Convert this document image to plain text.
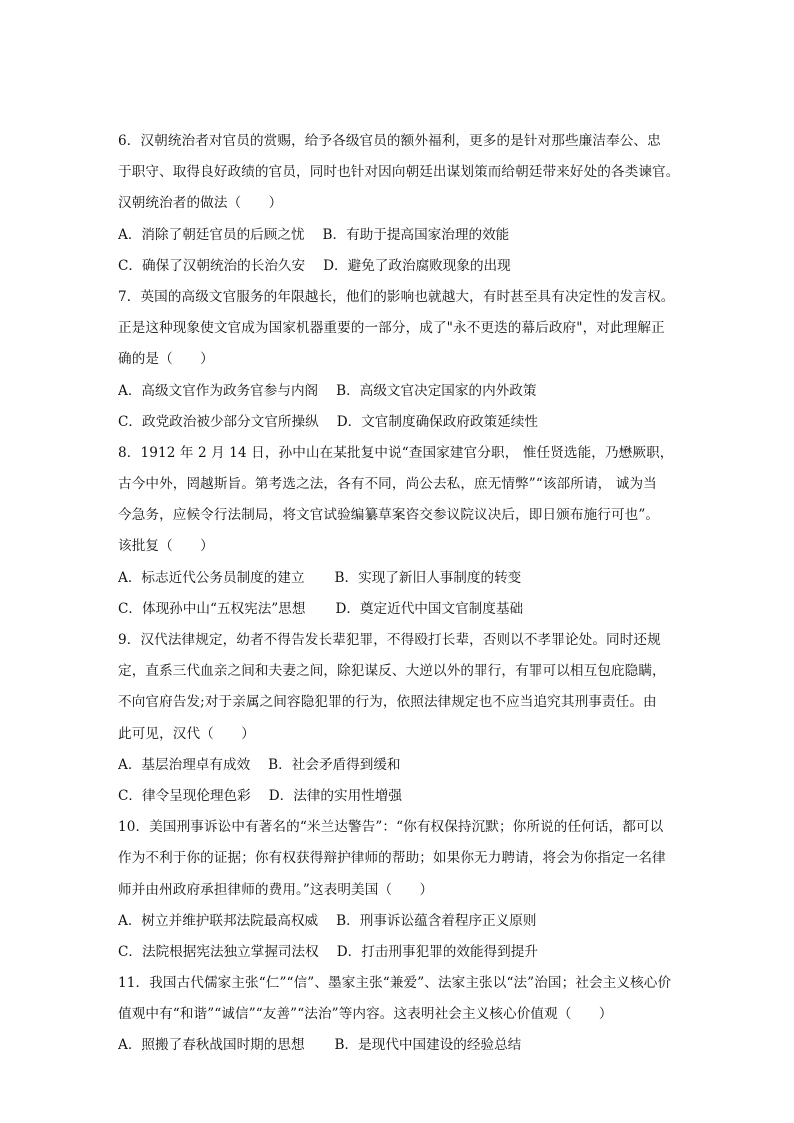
6．汉朝统治者对官员的赏赐，给予各级官员的额外福利，更多的是针对那些廉洁奉公、忠
于职守、取得良好政绩的官员，同时也针对因向朝廷出谋划策而给朝廷带来好处的各类谏官。
汉朝统治者的做法（　　）
A．消除了朝廷官员的后顾之忧 B．有助于提高国家治理的效能
C．确保了汉朝统治的长治久安 D．避免了政治腐败现象的出现
7．英国的高级文官服务的年限越长，他们的影响也就越大，有时甚至具有决定性的发言权。
正是这种现象使文官成为国家机器重要的一部分，成了"永不更迭的幕后政府"，对此理解正
确的是（　　）
A．高级文官作为政务官参与内阁 B．高级文官决定国家的内外政策
C．政党政治被少部分文官所操纵 D．文官制度确保政府政策延续性
8．1912 年 2 月 14 日，孙中山在某批复中说“查国家建官分职， 惟任贤选能，乃懋厥职，
古今中外，罔越斯旨。第考选之法，各有不同，尚公去私，庶无情弊”“该部所请， 诚为当
今急务，应候令行法制局，将文官试验编纂草案咨交参议院议决后，即日颁布施行可也”。
该批复（　　）
A．标志近代公务员制度的建立 B．实现了新旧人事制度的转变
C．体现孙中山“五权宪法”思想 D．奠定近代中国文官制度基础
9．汉代法律规定，幼者不得告发长辈犯罪，不得殴打长辈，否则以不孝罪论处。同时还规
定，直系三代血亲之间和夫妻之间，除犯谋反、大逆以外的罪行，有罪可以相互包庇隐瞒，
不向官府告发;对于亲属之间容隐犯罪的行为，依照法律规定也不应当追究其刑事责任。由
此可见，汉代（　　）
A．基层治理卓有成效 B．社会矛盾得到缓和
C．律令呈现伦理色彩 D．法律的实用性增强
10．美国刑事诉讼中有著名的“米兰达警告”：“你有权保持沉默；你所说的任何话，都可以
作为不利于你的证据；你有权获得辩护律师的帮助；如果你无力聘请，将会为你指定一名律
师并由州政府承担律师的费用。”这表明美国（　　）
A．树立并维护联邦法院最高权威 B．刑事诉讼蕴含着程序正义原则
C．法院根据宪法独立掌握司法权 D．打击刑事犯罪的效能得到提升
11．我国古代儒家主张“仁”“信”、墨家主张“兼爱”、法家主张以“法”治国；社会主义核心价
值观中有“和谐”“诚信”“友善”“法治”等内容。这表明社会主义核心价值观（　　）
A．照搬了春秋战国时期的思想 B．是现代中国建设的经验总结
